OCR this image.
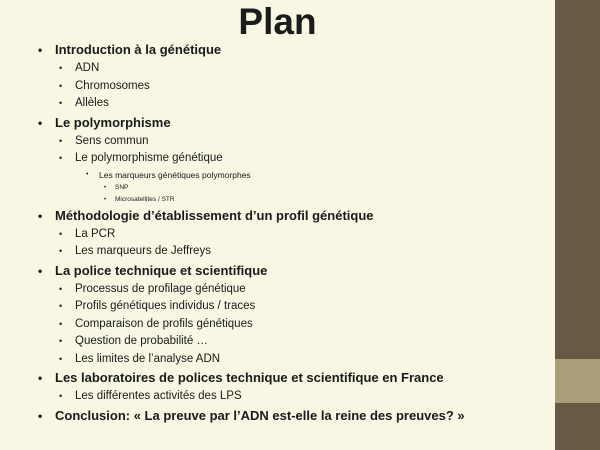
Plan
• Introduction à la génétique
• ADN
• Chromosomes
• Allèles
• Le polymorphisme
• Sens commun
• Le polymorphisme génétique
• Les marqueurs génétiques polymorphes
• SNP
• Microsatellites / STR
• Méthodologie d’établissement d’un profil génétique
• La PCR
• Les marqueurs de Jeffreys
• La police technique et scientifique
• Processus de profilage génétique
• Profils génétiques individus / traces
• Comparaison de profils génétiques
• Question de probabilité …
• Les limites de l’analyse ADN
• Les laboratoires de polices technique et scientifique en France
• Les différentes activités des LPS
• Conclusion: « La preuve par l’ADN est-elle la reine des preuves? »
